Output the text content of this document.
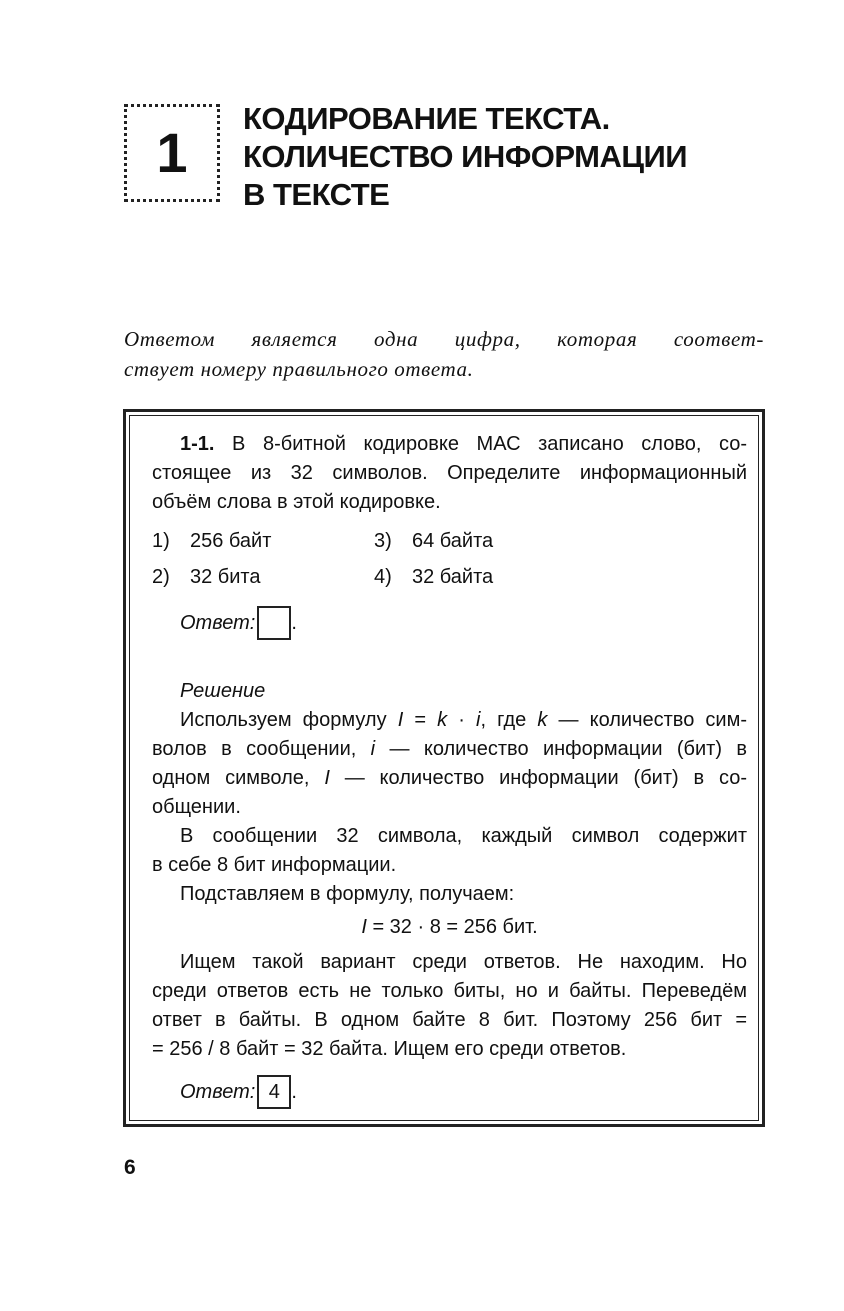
1
КОДИРОВАНИЕ ТЕКСТА.
КОЛИЧЕСТВО ИНФОРМАЦИИ
В ТЕКСТЕ
Ответом является одна цифра, которая соответ-
ствует номеру правильного ответа.
1-1. В 8-битной кодировке МАС записано слово, со-
стоящее из 32 символов. Определите информационный
объём слова в этой кодировке.
1) 256 байт	3) 64 байта
2) 32 бита	4) 32 байта
Ответ: .
Решение
Используем формулу I = k · i, где k — количество сим-
волов в сообщении, i — количество информации (бит) в
одном символе, I — количество информации (бит) в со-
общении.
В сообщении 32 символа, каждый символ содержит
в себе 8 бит информации.
Подставляем в формулу, получаем:
I = 32 · 8 = 256 бит.
Ищем такой вариант среди ответов. Не находим. Но
среди ответов есть не только биты, но и байты. Переведём
ответ в байты. В одном байте 8 бит. Поэтому 256 бит =
= 256 / 8 байт = 32 байта. Ищем его среди ответов.
Ответ: 4 .
6
